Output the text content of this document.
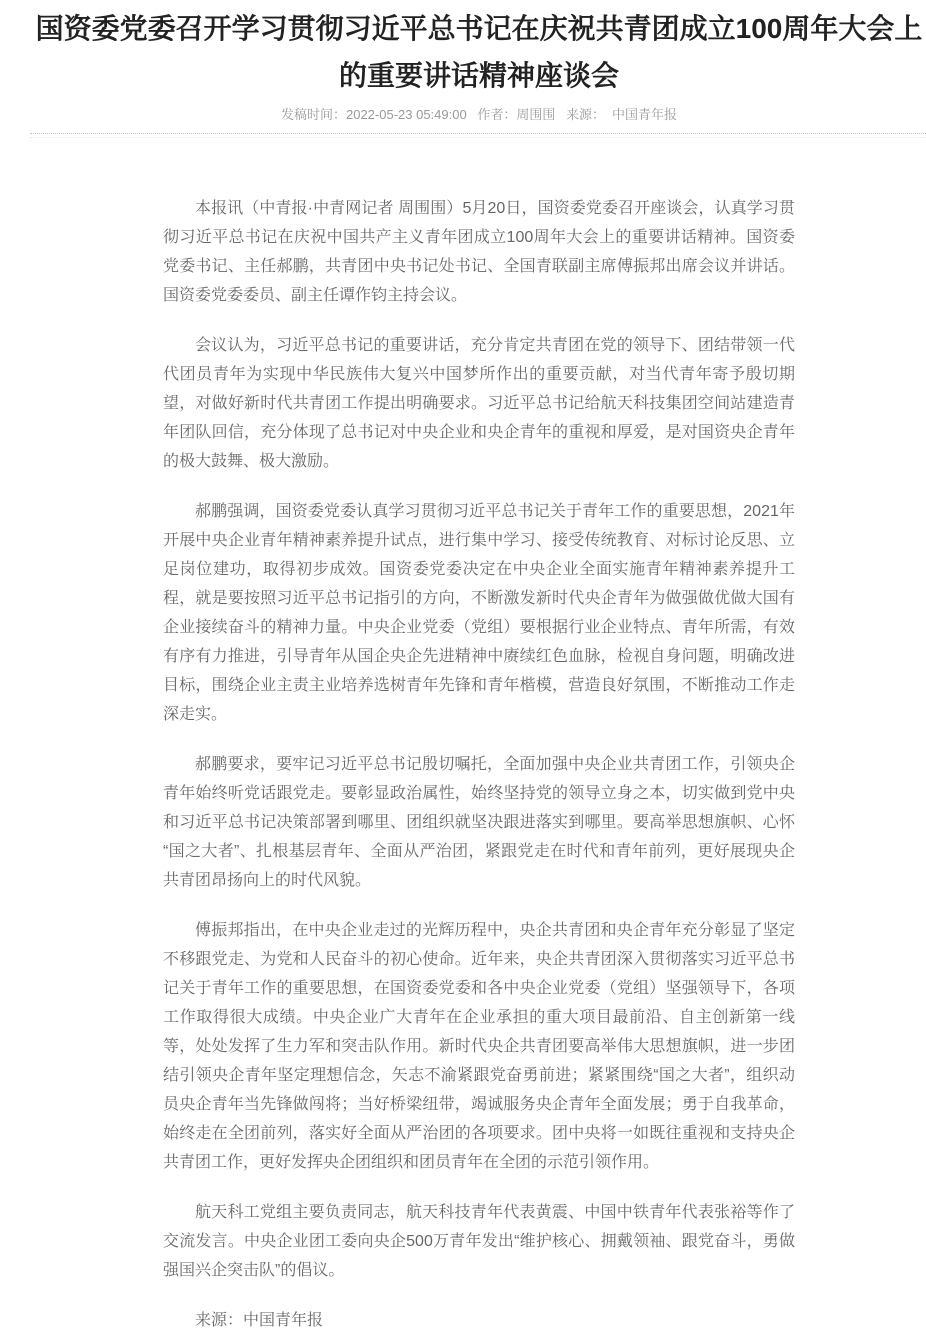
国资委党委召开学习贯彻习近平总书记在庆祝共青团成立100周年大会上的重要讲话精神座谈会
发稿时间：2022-05-23 05:49:00 作者：周围围 来源： 中国青年报

本报讯（中青报·中青网记者 周围围）5月20日，国资委党委召开座谈会，认真学习贯彻习近平总书记在庆祝中国共产主义青年团成立100周年大会上的重要讲话精神。国资委党委书记、主任郝鹏，共青团中央书记处书记、全国青联副主席傅振邦出席会议并讲话。国资委党委委员、副主任谭作钧主持会议。

会议认为，习近平总书记的重要讲话，充分肯定共青团在党的领导下、团结带领一代代团员青年为实现中华民族伟大复兴中国梦所作出的重要贡献，对当代青年寄予殷切期望，对做好新时代共青团工作提出明确要求。习近平总书记给航天科技集团空间站建造青年团队回信，充分体现了总书记对中央企业和央企青年的重视和厚爱，是对国资央企青年的极大鼓舞、极大激励。

郝鹏强调，国资委党委认真学习贯彻习近平总书记关于青年工作的重要思想，2021年开展中央企业青年精神素养提升试点，进行集中学习、接受传统教育、对标讨论反思、立足岗位建功，取得初步成效。国资委党委决定在中央企业全面实施青年精神素养提升工程，就是要按照习近平总书记指引的方向，不断激发新时代央企青年为做强做优做大国有企业接续奋斗的精神力量。中央企业党委（党组）要根据行业企业特点、青年所需，有效有序有力推进，引导青年从国企央企先进精神中赓续红色血脉，检视自身问题，明确改进目标，围绕企业主责主业培养选树青年先锋和青年楷模，营造良好氛围，不断推动工作走深走实。

郝鹏要求，要牢记习近平总书记殷切嘱托，全面加强中央企业共青团工作，引领央企青年始终听党话跟党走。要彰显政治属性，始终坚持党的领导立身之本，切实做到党中央和习近平总书记决策部署到哪里、团组织就坚决跟进落实到哪里。要高举思想旗帜、心怀“国之大者”、扎根基层青年、全面从严治团，紧跟党走在时代和青年前列，更好展现央企共青团昂扬向上的时代风貌。

傅振邦指出，在中央企业走过的光辉历程中，央企共青团和央企青年充分彰显了坚定不移跟党走、为党和人民奋斗的初心使命。近年来，央企共青团深入贯彻落实习近平总书记关于青年工作的重要思想，在国资委党委和各中央企业党委（党组）坚强领导下，各项工作取得很大成绩。中央企业广大青年在企业承担的重大项目最前沿、自主创新第一线等，处处发挥了生力军和突击队作用。新时代央企共青团要高举伟大思想旗帜，进一步团结引领央企青年坚定理想信念，矢志不渝紧跟党奋勇前进；紧紧围绕“国之大者”，组织动员央企青年当先锋做闯将；当好桥梁纽带，竭诚服务央企青年全面发展；勇于自我革命，始终走在全团前列，落实好全面从严治团的各项要求。团中央将一如既往重视和支持央企共青团工作，更好发挥央企团组织和团员青年在全团的示范引领作用。

航天科工党组主要负责同志，航天科技青年代表黄震、中国中铁青年代表张裕等作了交流发言。中央企业团工委向央企500万青年发出“维护核心、拥戴领袖、跟党奋斗，勇做强国兴企突击队”的倡议。

来源：中国青年报
